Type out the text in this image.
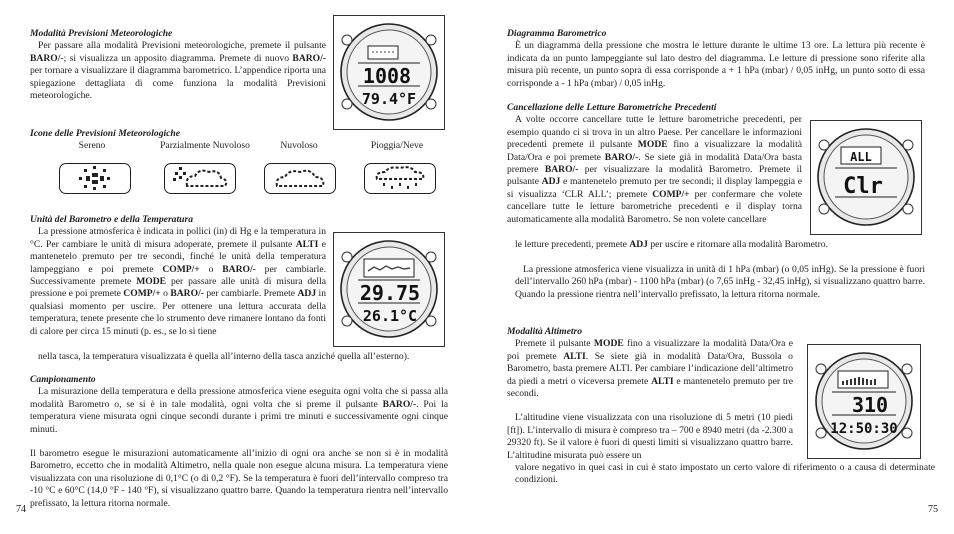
Modalità Previsioni Meteorologiche

Per passare alla modalità Previsioni meteorologiche, premete il pulsante BARO/-; si visualizza un apposito diagramma. Premete di nuovo BARO/- per tornare a visualizzare il diagramma barometrico. L’appendice riporta una spiegazione dettagliata di come funziona la modalità Previsioni meteorologiche.

1008
79.4°F
Icone delle Previsioni Meteorologiche
Sereno	Parzialmente Nuvoloso	Nuvoloso	Pioggia/Neve
Unità del Barometro e della Temperatura

La pressione atmosferica è indicata in pollici (in) di Hg e la temperatura in °C. Per cambiare le unità di misura adoperate, premete il pulsante ALTI e mantenetelo premuto per tre secondi, finché le unità della temperatura lampeggiano e poi premete COMP/+ o BARO/- per cambiarle. Successivamente premete MODE per passare alle unità di misura della pressione e poi premete COMP/+ o BARO/- per cambiarle. Premete ADJ in qualsiasi momento per uscire. Per ottenere una lettura accurata della temperatura, tenete presente che lo strumento deve rimanere lontano da fonti di calore per circa 15 minuti (p. es., se lo si tiene

nella tasca, la temperatura visualizzata è quella all’interno della tasca anziché quella all’esterno).

29.75
26.1°C
Campionamento

La misurazione della temperatura e della pressione atmosferica viene eseguita ogni volta che si passa alla modalità Barometro o, se si è in tale modalità, ogni volta che si preme il pulsante BARO/-. Poi la temperatura viene misurata ogni cinque secondi durante i primi tre minuti e successivamente ogni cinque minuti.

Il barometro esegue le misurazioni automaticamente all’inizio di ogni ora anche se non si è in modalità Barometro, eccetto che in modalità Altimetro, nella quale non esegue alcuna misura. La temperatura viene visualizzata con una risoluzione di 0,1°C (o di 0,2 °F). Se la temperatura è fuori dell’intervallo compreso tra -10 °C e 60°C (14,0 °F - 140 °F), si visualizzano quattro barre. Quando la temperatura rientra nell’intervallo prefissato, la lettura ritorna normale.

74
Diagramma Barometrico

È un diagramma della pressione che mostra le letture durante le ultime 13 ore. La lettura più recente è indicata da un punto lampeggiante sul lato destro del diagramma. Le letture di pressione sono riferite alla misura più recente, un punto sopra di essa corrisponde a + 1 hPa (mbar) / 0,05 inHg, un punto sotto di essa corrisponde a - 1 hPa (mbar) / 0,05 inHg.

Cancellazione delle Letture Barometriche Precedenti

A volte occorre cancellare tutte le letture barometriche precedenti, per esempio quando ci si trova in un altro Paese. Per cancellare le informazioni precedenti premete il pulsante MODE fino a visualizzare la modalità Data/Ora e poi premete BARO/-. Se siete già in modalità Data/Ora basta premere BARO/- per visualizzare la modalità Barometro. Premete il pulsante ADJ e mantenetelo premuto per tre secondi; il display lampeggia e si visualizza ‘CLR ALL’; premete COMP/+ per confermare che volete cancellare tutte le letture barometriche precedenti e il display torna automaticamente alla modalità Barometro. Se non volete cancellare

le letture precedenti, premete ADJ per uscire e ritornare alla modalità Barometro.

ALL
Clr

La pressione atmosferica viene visualizza in unità di 1 hPa (mbar) (o 0,05 inHg). Se la pressione è fuori dell’intervallo 260 hPa (mbar) - 1100 hPa (mbar) (o 7,65 inHg - 32,45 inHg), si visualizzano quattro barre. Quando la pressione rientra nell’intervallo prefissato, la lettura ritorna normale.

Modalità Altimetro

Premete il pulsante MODE fino a visualizzare la modalità Data/Ora e poi premete ALTI. Se siete già in modalità Data/Ora, Bussola o Barometro, basta premere ALTI. Per cambiare l’indicazione dell’altimetro da piedi a metri o viceversa premete ALTI e mantenetelo premuto per tre secondi.

L’altitudine viene visualizzata con una risoluzione di 5 metri (10 piedi [ft]). L’intervallo di misura è compreso tra – 700 e 8940 metri (da -2.300 a 29320 ft). Se il valore è fuori di questi limiti si visualizzano quattro barre. L’altitudine misurata può essere un

valore negativo in quei casi in cui è stato impostato un certo valore di riferimento o a causa di determinate condizioni.

310
12:50:30
75
